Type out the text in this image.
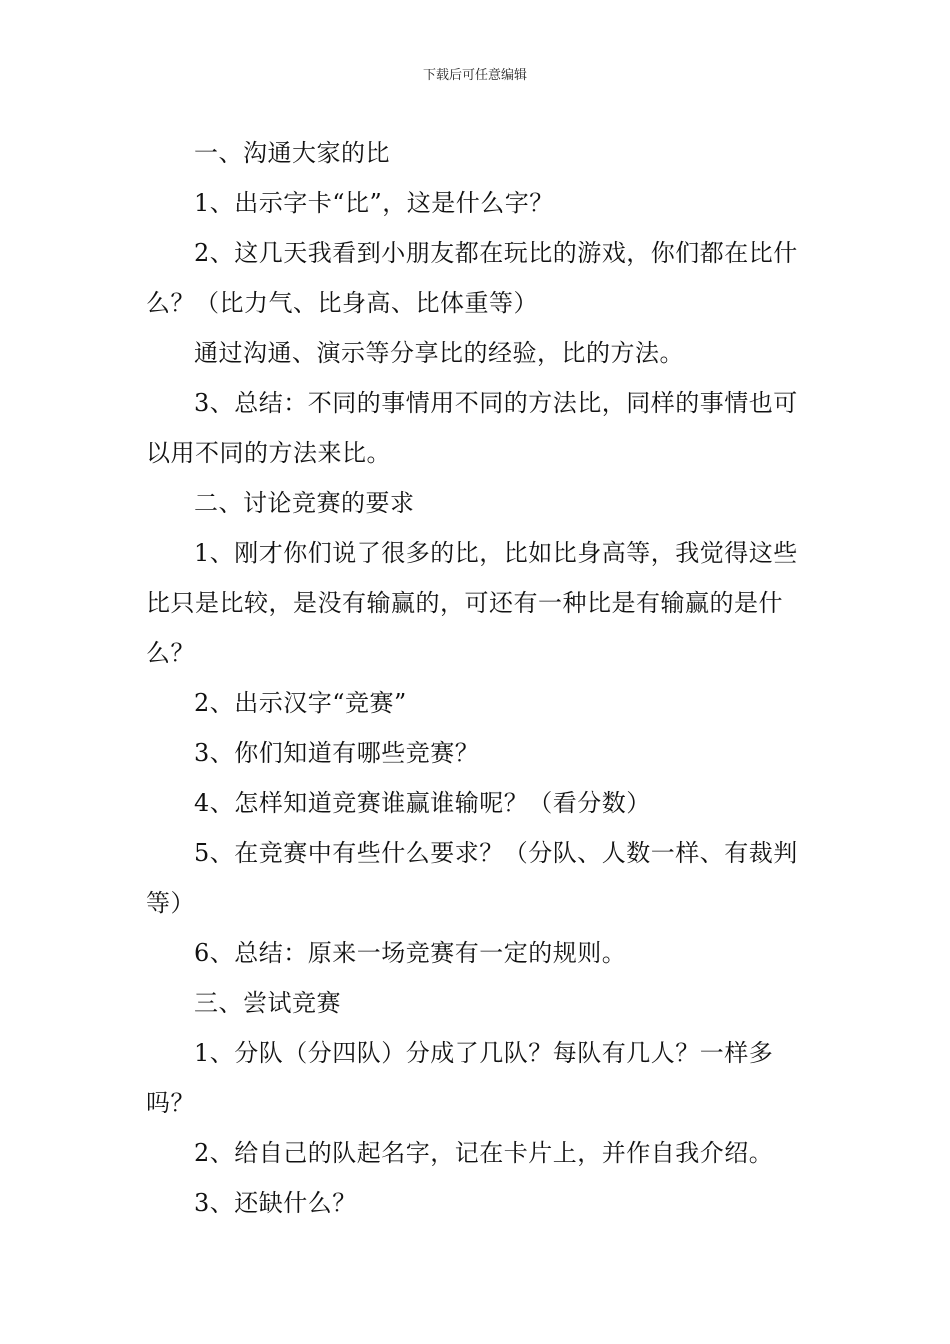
下载后可任意编辑

一、沟通大家的比

1、出示字卡“比”，这是什么字？

2、这几天我看到小朋友都在玩比的游戏，你们都在比什么？（比力气、比身高、比体重等）

通过沟通、演示等分享比的经验，比的方法。

3、总结：不同的事情用不同的方法比，同样的事情也可以用不同的方法来比。

二、讨论竞赛的要求

1、刚才你们说了很多的比，比如比身高等，我觉得这些比只是比较，是没有输赢的，可还有一种比是有输赢的是什么？

2、出示汉字“竞赛”

3、你们知道有哪些竞赛？

4、怎样知道竞赛谁赢谁输呢？（看分数）

5、在竞赛中有些什么要求？（分队、人数一样、有裁判等）

6、总结：原来一场竞赛有一定的规则。

三、尝试竞赛

1、分队（分四队）分成了几队？每队有几人？一样多吗？

2、给自己的队起名字，记在卡片上，并作自我介绍。

3、还缺什么？
